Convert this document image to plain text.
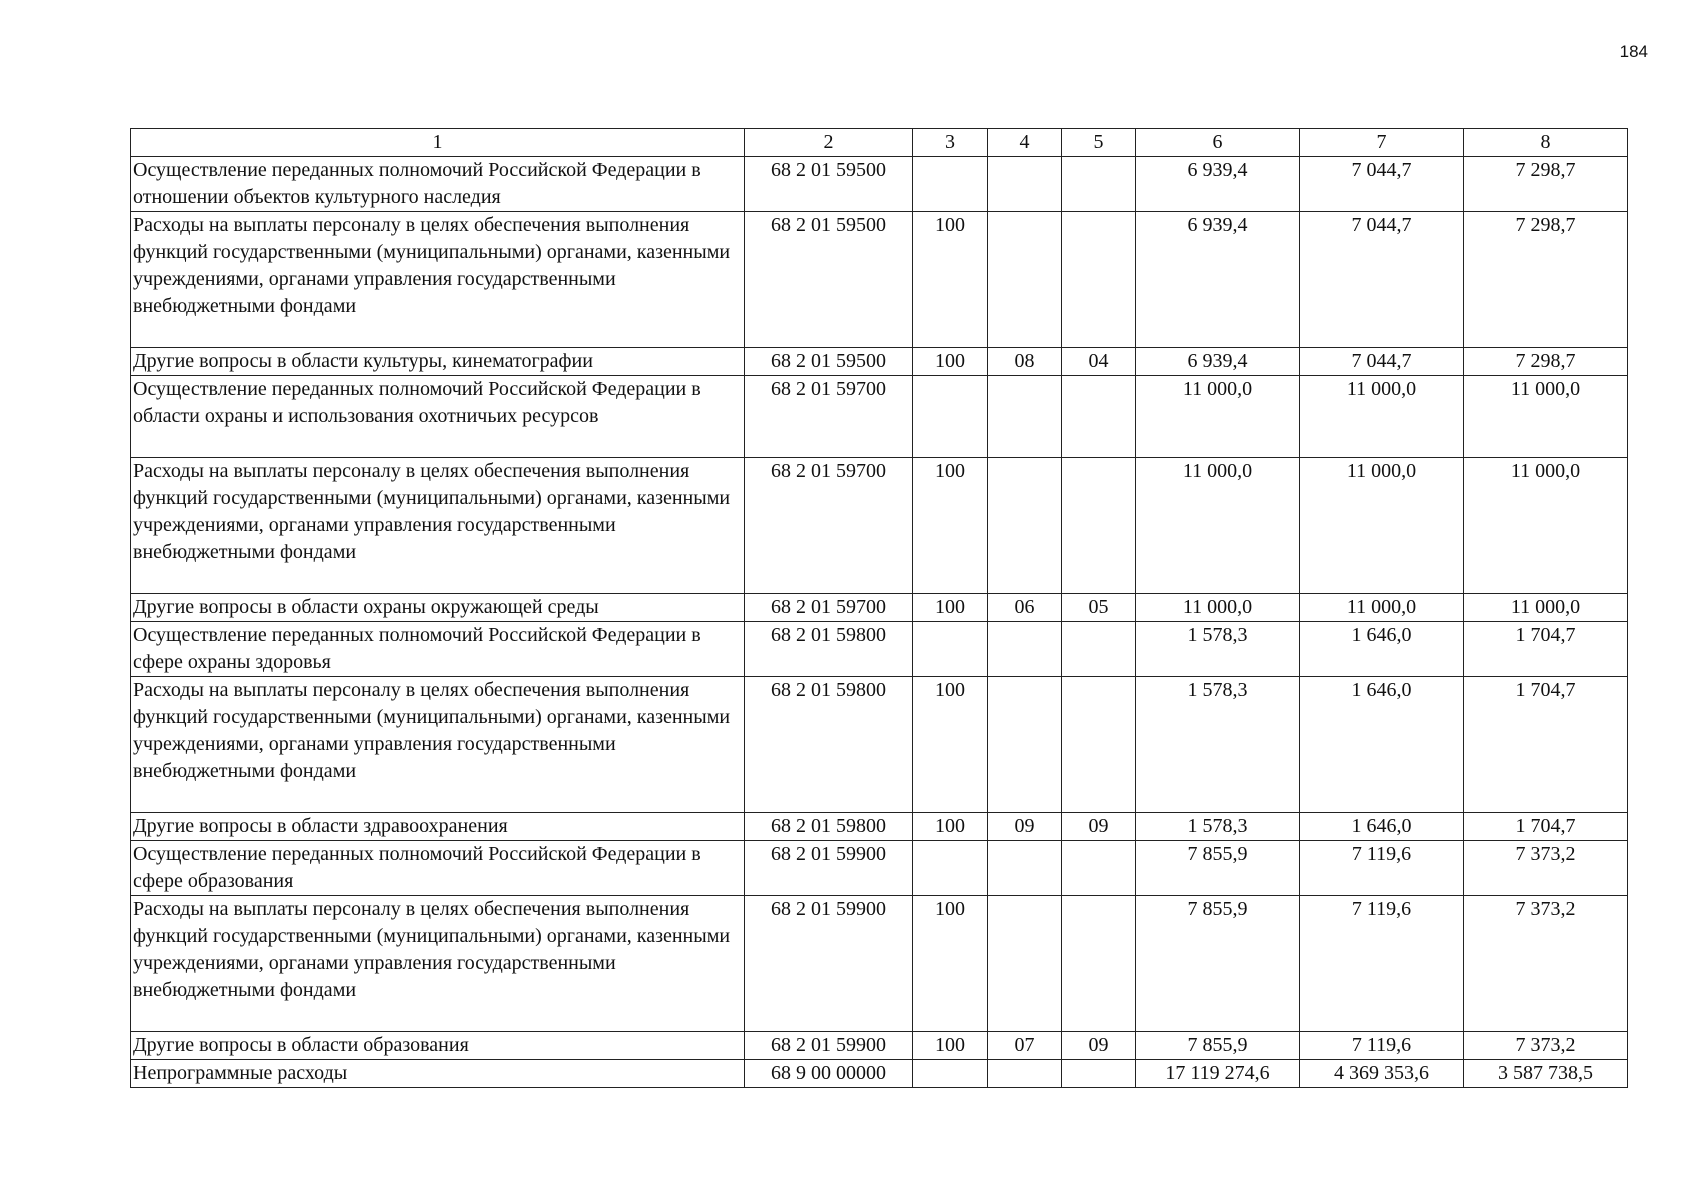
184
1	2	3	4	5	6	7	8
Осуществление переданных полномочий Российской Федерации в отношении объектов культурного наследия	68 2 01 59500				6 939,4	7 044,7	7 298,7
Расходы на выплаты персоналу в целях обеспечения выполнения функций государственными (муниципальными) органами, казенными учреждениями, органами управления государственными внебюджетными фондами	68 2 01 59500	100			6 939,4	7 044,7	7 298,7
Другие вопросы в области культуры, кинематографии	68 2 01 59500	100	08	04	6 939,4	7 044,7	7 298,7
Осуществление переданных полномочий Российской Федерации в области охраны и использования охотничьих ресурсов	68 2 01 59700				11 000,0	11 000,0	11 000,0
Расходы на выплаты персоналу в целях обеспечения выполнения функций государственными (муниципальными) органами, казенными учреждениями, органами управления государственными внебюджетными фондами	68 2 01 59700	100			11 000,0	11 000,0	11 000,0
Другие вопросы в области охраны окружающей среды	68 2 01 59700	100	06	05	11 000,0	11 000,0	11 000,0
Осуществление переданных полномочий Российской Федерации в сфере охраны здоровья	68 2 01 59800				1 578,3	1 646,0	1 704,7
Расходы на выплаты персоналу в целях обеспечения выполнения функций государственными (муниципальными) органами, казенными учреждениями, органами управления государственными внебюджетными фондами	68 2 01 59800	100			1 578,3	1 646,0	1 704,7
Другие вопросы в области здравоохранения	68 2 01 59800	100	09	09	1 578,3	1 646,0	1 704,7
Осуществление переданных полномочий Российской Федерации в сфере образования	68 2 01 59900				7 855,9	7 119,6	7 373,2
Расходы на выплаты персоналу в целях обеспечения выполнения функций государственными (муниципальными) органами, казенными учреждениями, органами управления государственными внебюджетными фондами	68 2 01 59900	100			7 855,9	7 119,6	7 373,2
Другие вопросы в области образования	68 2 01 59900	100	07	09	7 855,9	7 119,6	7 373,2
Непрограммные расходы	68 9 00 00000				17 119 274,6	4 369 353,6	3 587 738,5
